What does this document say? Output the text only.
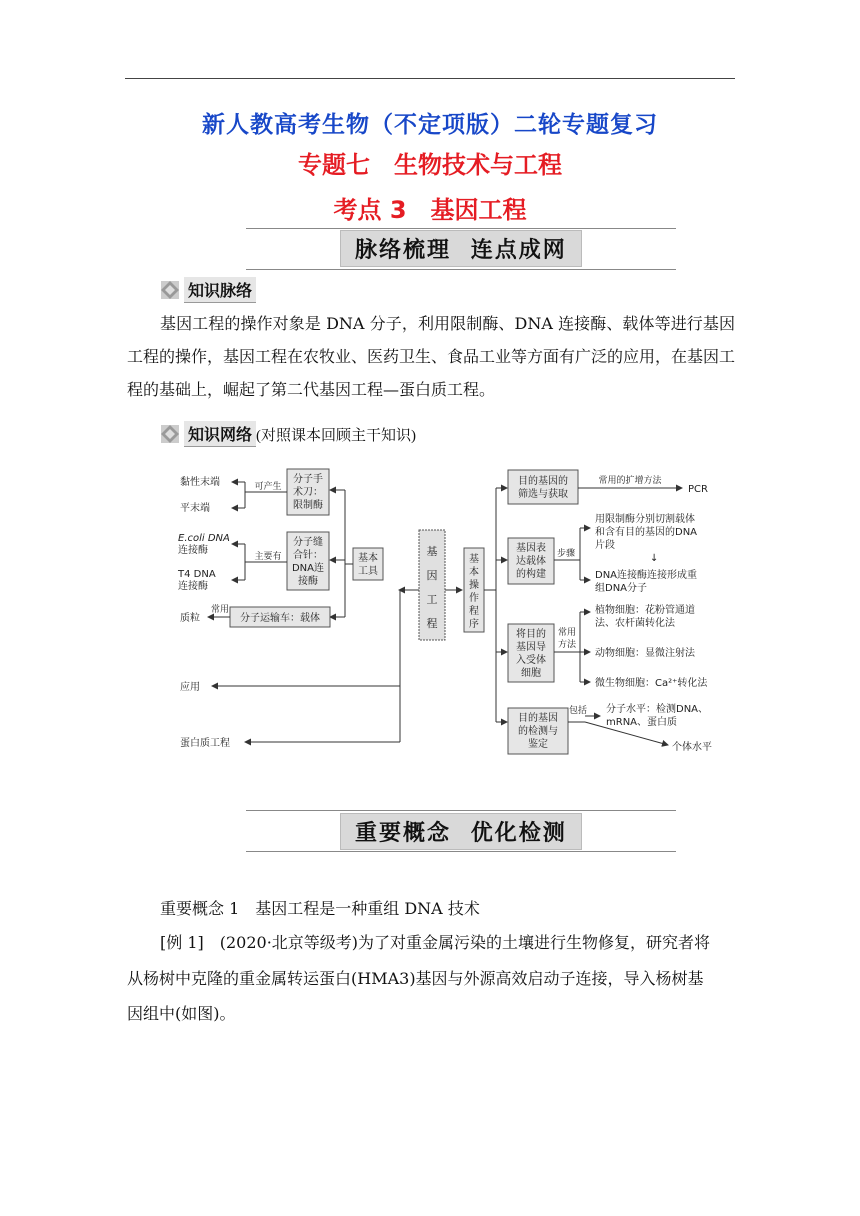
新人教高考生物（不定项版）二轮专题复习
专题七　生物技术与工程
考点 3　基因工程
脉络梳理 连点成网
知识脉络

基因工程的操作对象是 DNA 分子，利用限制酶、DNA 连接酶、载体等进行基因工程的操作，基因工程在农牧业、医药卫生、食品工业等方面有广泛的应用，在基因工程的基础上，崛起了第二代基因工程—蛋白质工程。

知识网络 (对照课本回顾主干知识)
基因工程
基本
工具
基
本
操
作
程
序
分子手
术刀：
限制酶
可产生
黏性末端
平末端
分子缝
合针：
DNA连
接酶
主要有
E.coli DNA
连接酶
T4 DNA
连接酶
分子运输车：载体
常用
质粒
应用
蛋白质工程
目的基因的
筛选与获取
常用的扩增方法
PCR
基因表
达载体
的构建
步骤
用限制酶分别切割载体
和含有目的基因的DNA
片段
↓
DNA连接酶连接形成重
组DNA分子
将目的
基因导
入受体
细胞
常用
方法
植物细胞：花粉管通道
法、农杆菌转化法
动物细胞：显微注射法
微生物细胞：Ca²⁺转化法
目的基因
的检测与
鉴定
包括 分子水平：检测DNA、
mRNA、蛋白质
个体水平
重要概念 优化检测
重要概念 1　基因工程是一种重组 DNA 技术
[例 1]　(2020·北京等级考)为了对重金属污染的土壤进行生物修复，研究者将
从杨树中克隆的重金属转运蛋白(HMA3)基因与外源高效启动子连接，导入杨树基
因组中(如图)。
